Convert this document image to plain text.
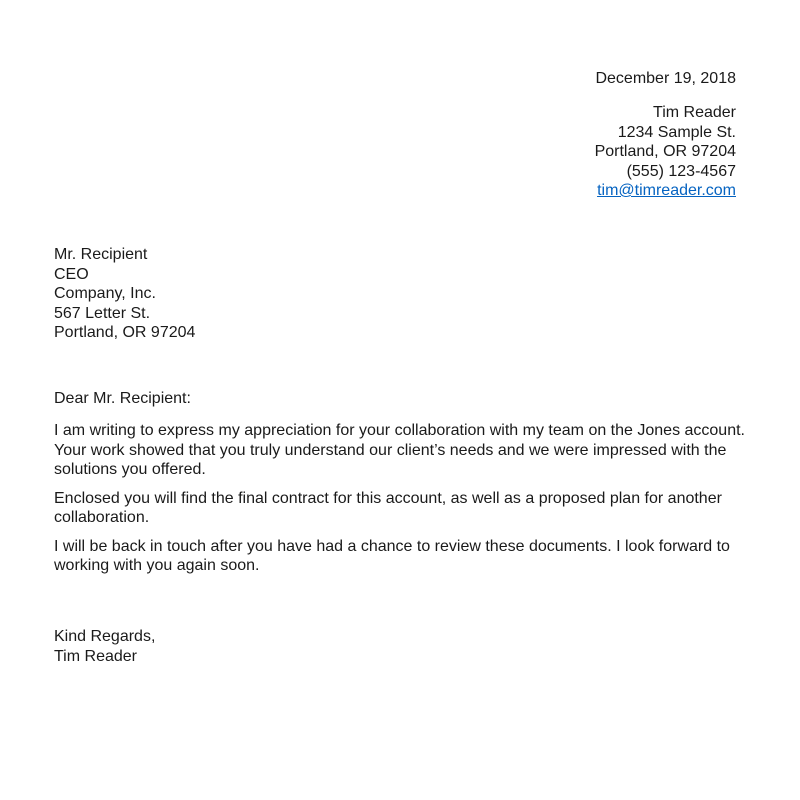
December 19, 2018
Tim Reader
1234 Sample St.
Portland, OR 97204
(555) 123-4567
tim@timreader.com
Mr. Recipient
CEO
Company, Inc.
567 Letter St.
Portland, OR 97204
Dear Mr. Recipient:

I am writing to express my appreciation for your collaboration with my team on the Jones account. Your work showed that you truly understand our client’s needs and we were impressed with the solutions you offered.

Enclosed you will find the final contract for this account, as well as a proposed plan for another collaboration.

I will be back in touch after you have had a chance to review these documents. I look forward to working with you again soon.

Kind Regards,
Tim Reader
